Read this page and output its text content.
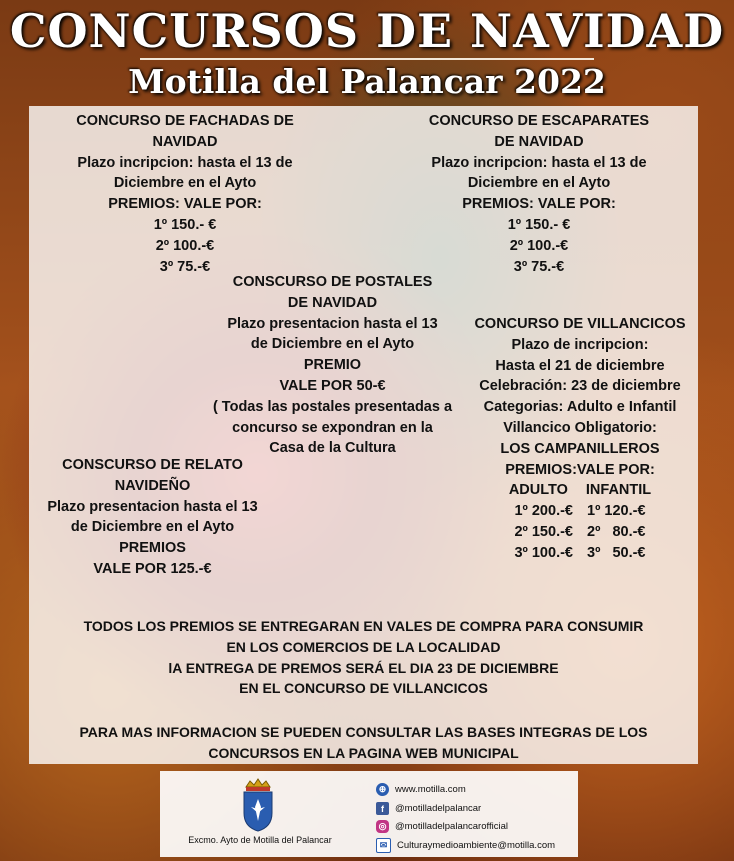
CONCURSOS DE NAVIDAD
Motilla del Palancar 2022
CONCURSO DE FACHADAS DE
NAVIDAD
Plazo incripcion: hasta el 13 de
Diciembre en el Ayto
PREMIOS: VALE POR:
1º 150.- €
2º 100.-€
3º 75.-€
CONCURSO DE ESCAPARATES
DE NAVIDAD
Plazo incripcion: hasta el 13 de
Diciembre en el Ayto
PREMIOS: VALE POR:
1º 150.- €
2º 100.-€
3º 75.-€
CONSCURSO DE POSTALES
DE NAVIDAD
Plazo presentacion hasta el 13
de Diciembre en el Ayto
PREMIO
VALE POR 50-€
( Todas las postales presentadas a
concurso se expondran en la
Casa de la Cultura
CONCURSO DE VILLANCICOS
Plazo de incripcion:
Hasta el 21 de diciembre
Celebración: 23 de diciembre
Categorias: Adulto e Infantil
Villancico Obligatorio:
LOS CAMPANILLEROS
PREMIOS:VALE POR:
ADULTO INFANTIL
1º 200.-€ 1º 120.-€
2º 150.-€ 2º   80.-€
3º 100.-€ 3º   50.-€
CONSCURSO DE RELATO
NAVIDEÑO
Plazo presentacion hasta el 13
de Diciembre en el Ayto
PREMIOS
VALE POR 125.-€
TODOS LOS PREMIOS SE ENTREGARAN EN VALES DE COMPRA PARA CONSUMIR
EN LOS COMERCIOS DE LA LOCALIDAD
lA ENTREGA DE PREMOS SERÁ EL DIA 23 DE DICIEMBRE
EN EL CONCURSO DE VILLANCICOS
PARA MAS INFORMACION SE PUEDEN CONSULTAR LAS BASES INTEGRAS DE LOS
CONCURSOS EN LA PAGINA WEB MUNICIPAL
Excmo. Ayto de Motilla del Palancar
⊕ www.motilla.com
f	@motilladelpalancar
◎ @motilladelpalancarofficial
✉	Culturaymedioambiente@motilla.com
